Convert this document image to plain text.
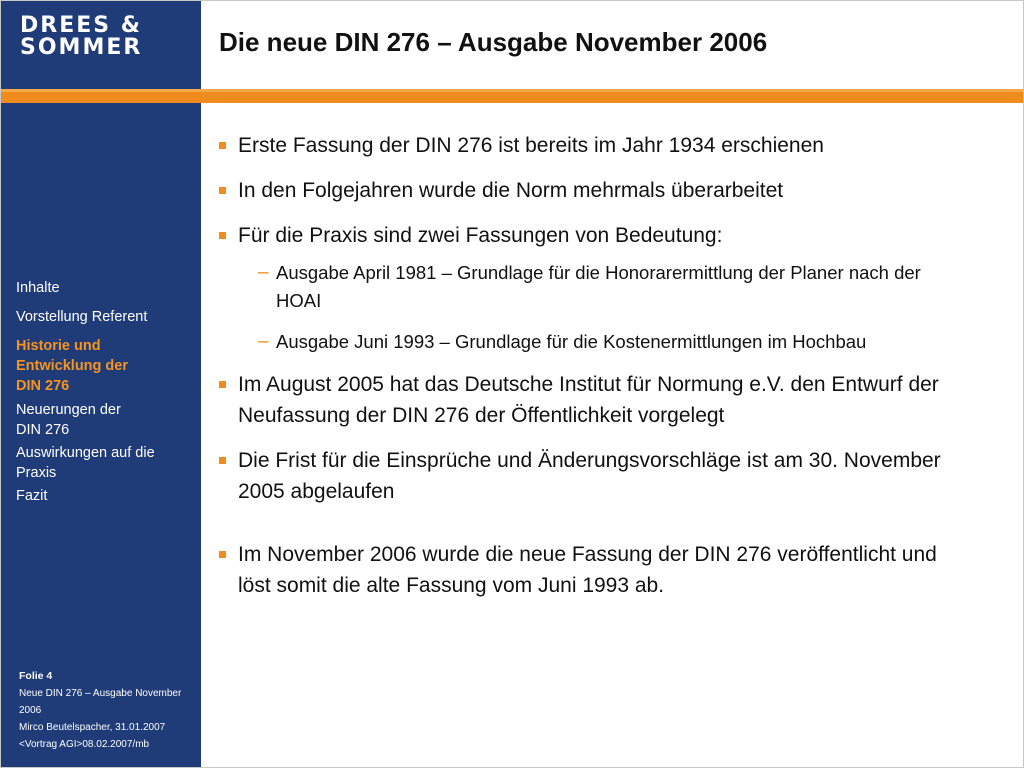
DREES &
SOMMER
Inhalte
Vorstellung Referent
Historie und Entwicklung der DIN 276
Neuerungen der DIN 276
Auswirkungen auf die Praxis
Fazit
Folie 4
Neue DIN 276 – Ausgabe November 2006
Mirco Beutelspacher, 31.01.2007
<Vortrag AGI>08.02.2007/mb
Die neue DIN 276 – Ausgabe November 2006
Erste Fassung der DIN 276 ist bereits im Jahr 1934 erschienen
In den Folgejahren wurde die Norm mehrmals überarbeitet
Für die Praxis sind zwei Fassungen von Bedeutung:
– Ausgabe April 1981 – Grundlage für die Honorarermittlung der Planer nach der HOAI
– Ausgabe Juni 1993 – Grundlage für die Kostenermittlungen im Hochbau
Im August 2005 hat das Deutsche Institut für Normung e.V. den Entwurf der Neufassung der DIN 276 der Öffentlichkeit vorgelegt
Die Frist für die Einsprüche und Änderungsvorschläge ist am 30. November 2005 abgelaufen
Im November 2006 wurde die neue Fassung der DIN 276 veröffentlicht und löst somit die alte Fassung vom Juni 1993 ab.
